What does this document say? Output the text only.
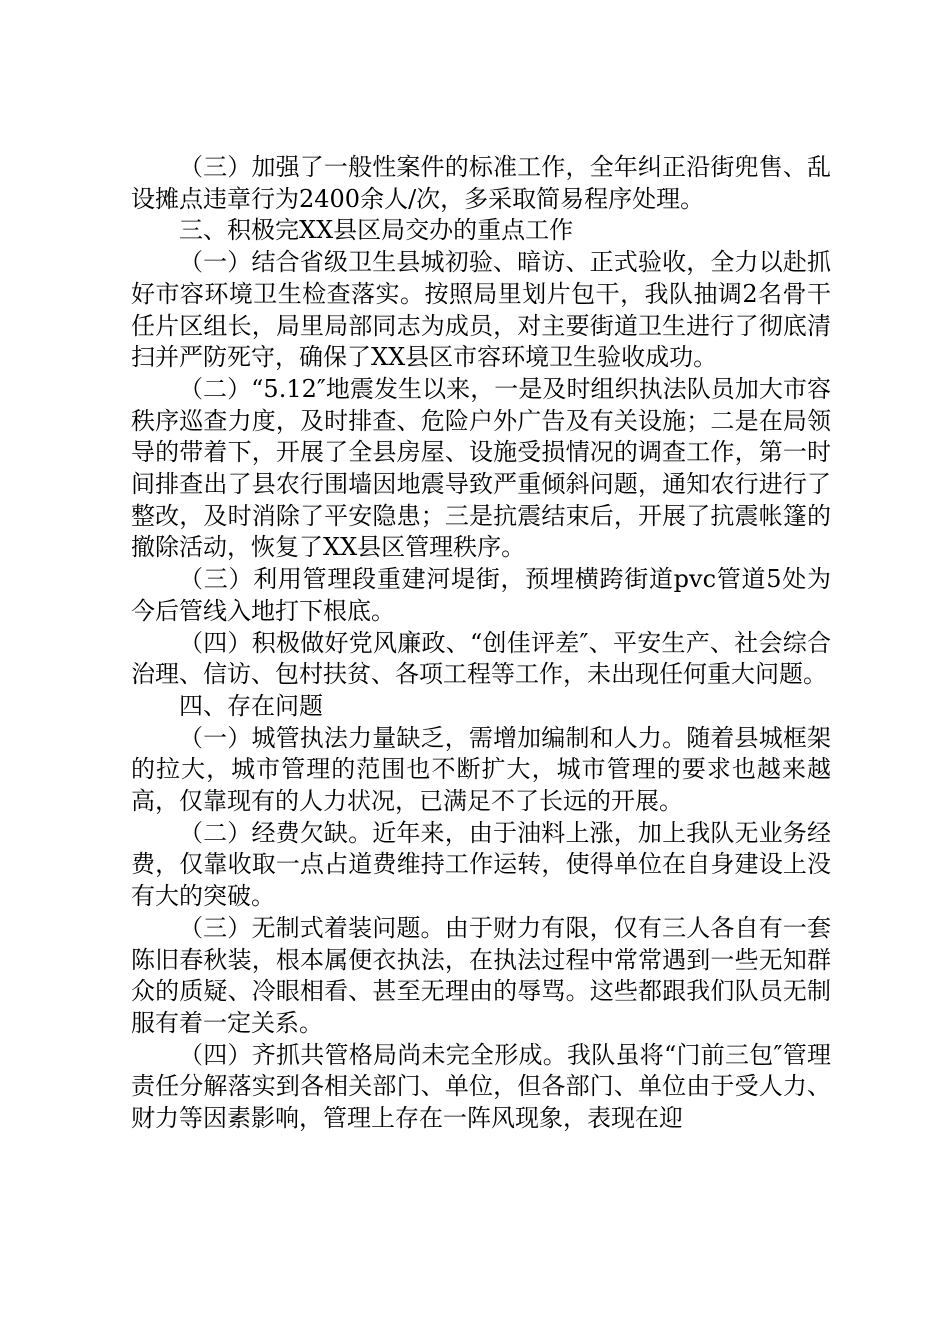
（三）加强了一般性案件的标准工作，全年纠正沿街兜售、乱设摊点违章行为2400余人/次，多采取简易程序处理。

三、积极完XX县区局交办的重点工作

（一）结合省级卫生县城初验、暗访、正式验收，全力以赴抓好市容环境卫生检查落实。按照局里划片包干，我队抽调2名骨干任片区组长，局里局部同志为成员，对主要街道卫生进行了彻底清扫并严防死守，确保了XX县区市容环境卫生验收成功。

（二）“5.12″地震发生以来，一是及时组织执法队员加大市容秩序巡查力度，及时排查、危险户外广告及有关设施；二是在局领导的带着下，开展了全县房屋、设施受损情况的调查工作，第一时间排查出了县农行围墙因地震导致严重倾斜问题，通知农行进行了整改，及时消除了平安隐患；三是抗震结束后，开展了抗震帐篷的撤除活动，恢复了XX县区管理秩序。

（三）利用管理段重建河堤街，预埋横跨街道pvc管道5处为今后管线入地打下根底。

（四）积极做好党风廉政、“创佳评差″、平安生产、社会综合治理、信访、包村扶贫、各项工程等工作，未出现任何重大问题。

四、存在问题

（一）城管执法力量缺乏，需增加编制和人力。随着县城框架的拉大，城市管理的范围也不断扩大，城市管理的要求也越来越高，仅靠现有的人力状况，已满足不了长远的开展。

（二）经费欠缺。近年来，由于油料上涨，加上我队无业务经费，仅靠收取一点占道费维持工作运转，使得单位在自身建设上没有大的突破。

（三）无制式着装问题。由于财力有限，仅有三人各自有一套陈旧春秋装，根本属便衣执法，在执法过程中常常遇到一些无知群众的质疑、冷眼相看、甚至无理由的辱骂。这些都跟我们队员无制服有着一定关系。

（四）齐抓共管格局尚未完全形成。我队虽将“门前三包″管理责任分解落实到各相关部门、单位，但各部门、单位由于受人力、财力等因素影响，管理上存在一阵风现象，表现在迎
